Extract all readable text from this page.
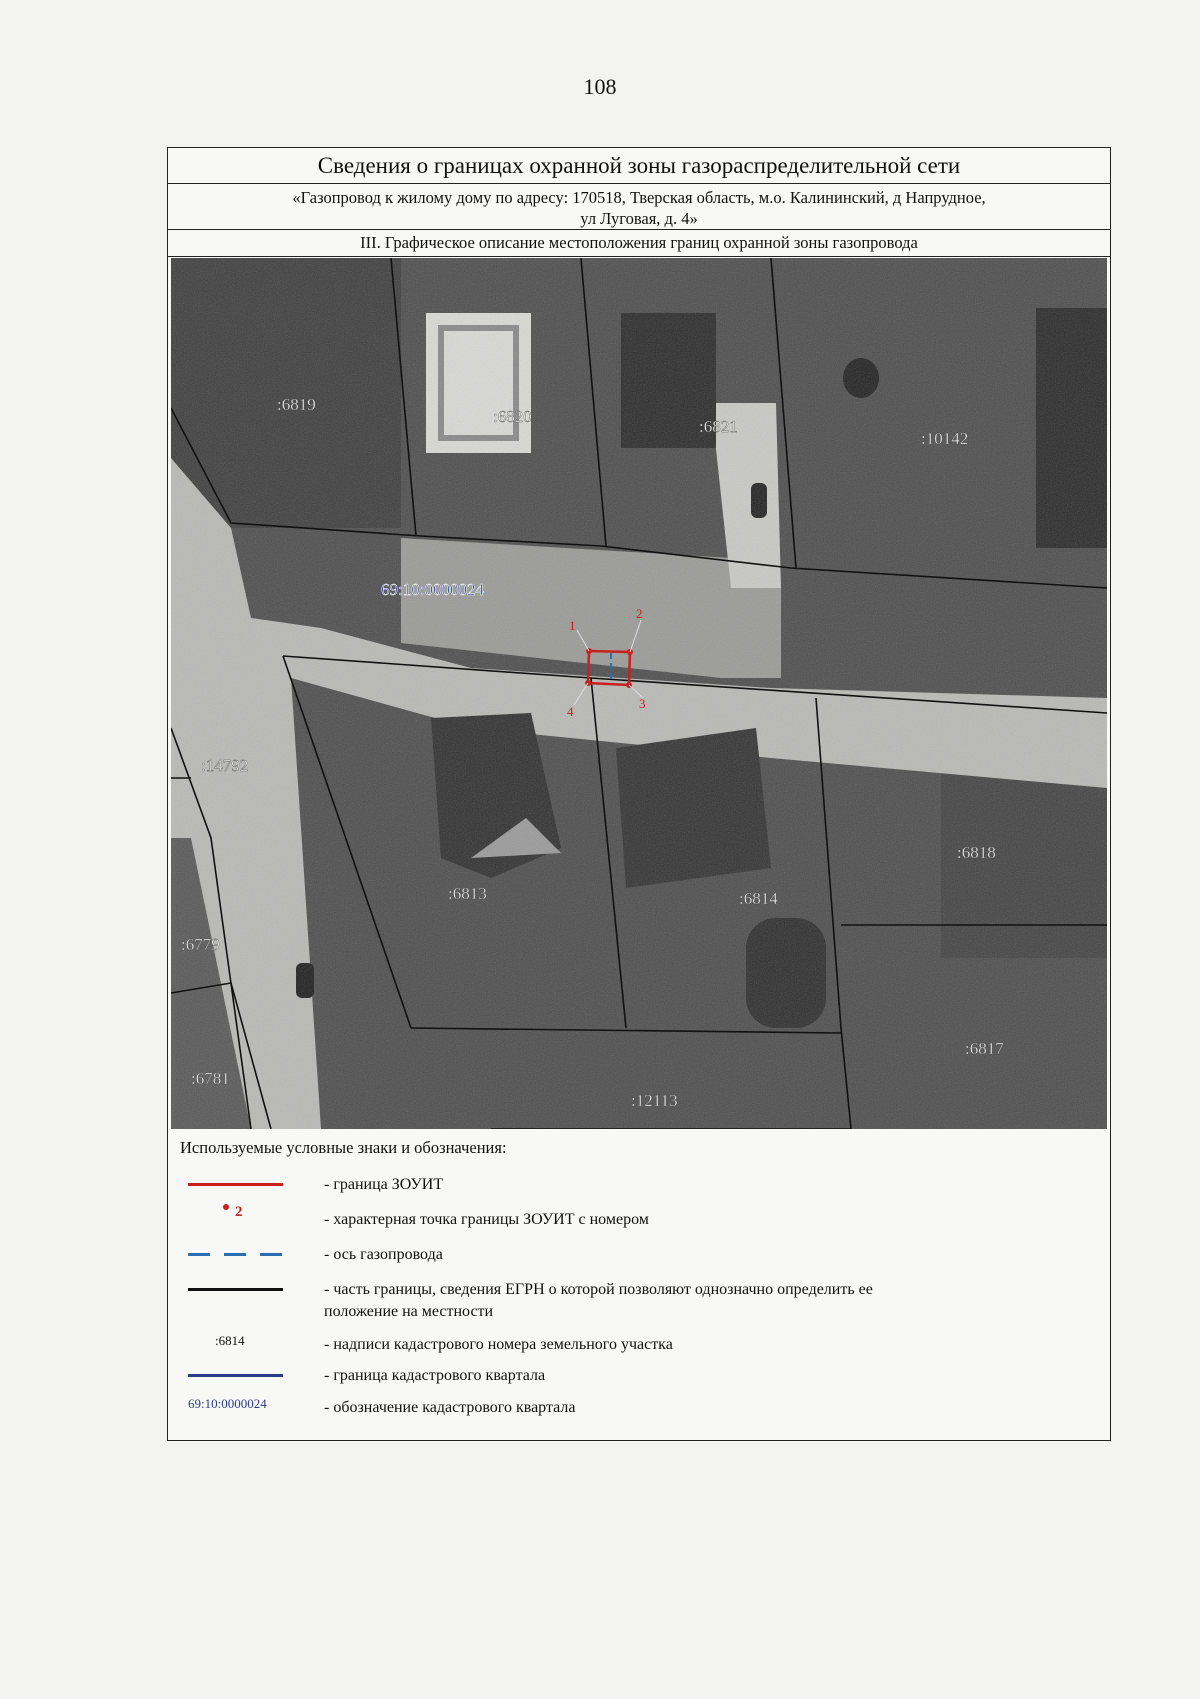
108
Сведения о границах охранной зоны газораспределительной сети
«Газопровод к жилому дому по адресу: 170518, Тверская область, м.о. Калининский, д Напрудное,
ул Луговая, д. 4»
III. Графическое описание местоположения границ охранной зоны газопровода
1
2
3
4
:6819
:6820
:6821
:10142
:14792
:6813	:6814
:6818
:6779
:6817
:6781
:12113
69:10:0000024
Используемые условные знаки и обозначения:
- граница ЗОУИТ
2	- характерная точка границы ЗОУИТ с номером
- ось газопровода
- часть границы, сведения ЕГРН о которой позволяют однозначно определить ее
положение на местности
:6814	- надписи кадастрового номера земельного участка
- граница кадастрового квартала
69:10:0000024	- обозначение кадастрового квартала
